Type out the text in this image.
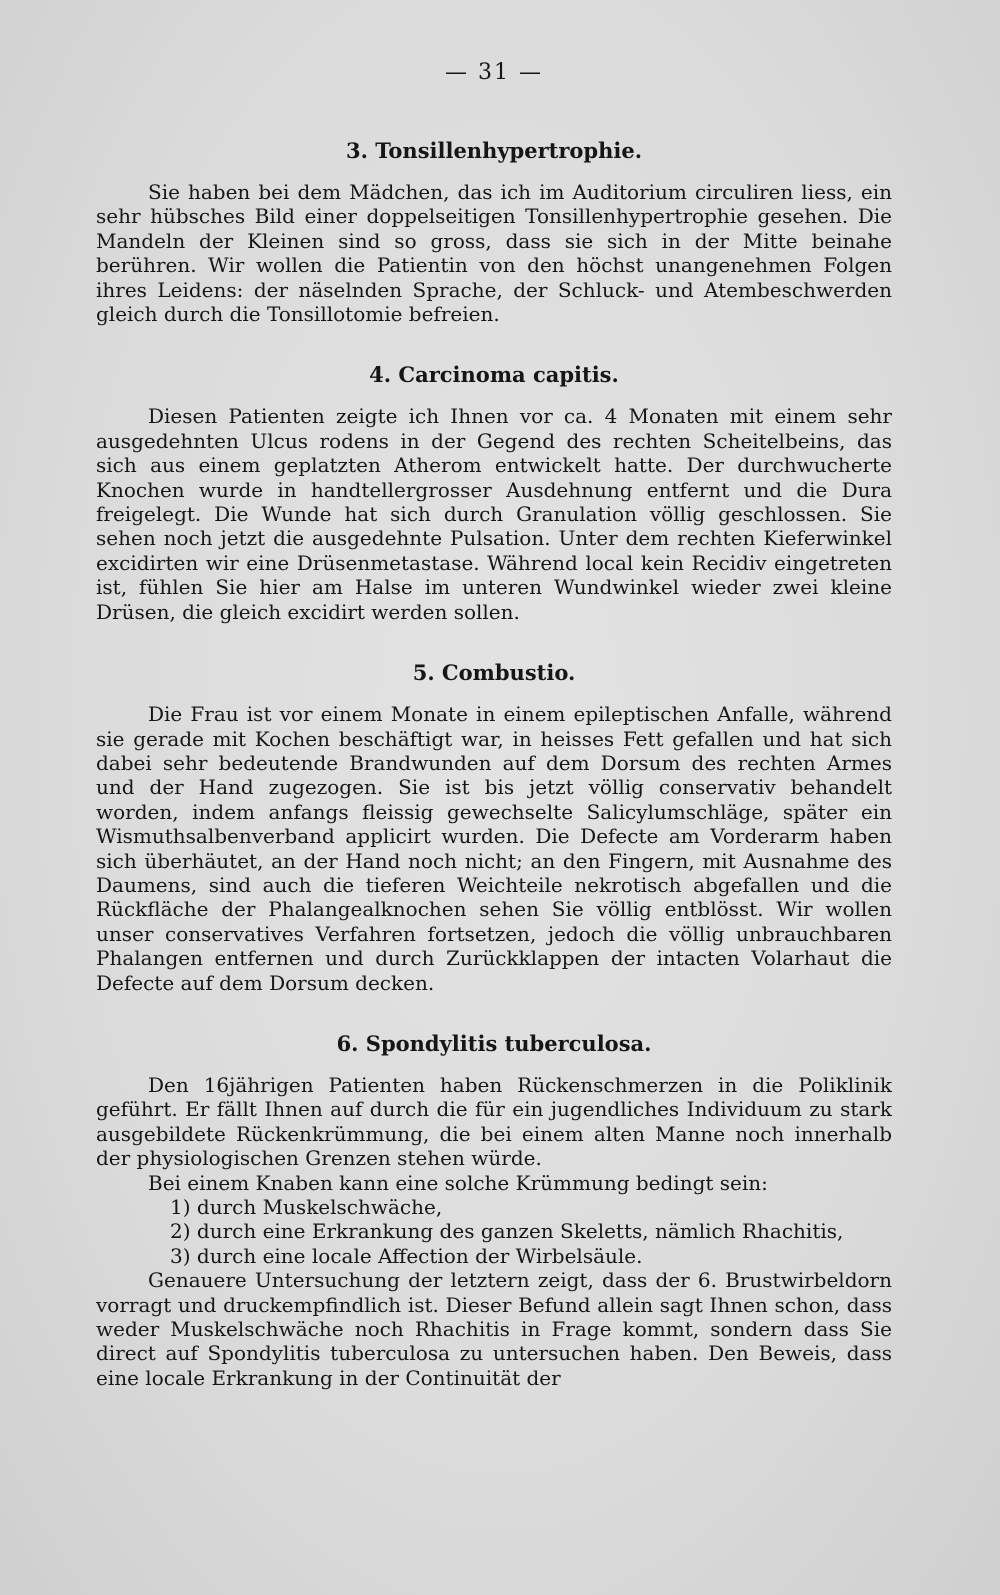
— 31 —
3. Tonsillenhypertrophie.

Sie haben bei dem Mädchen, das ich im Auditorium circuliren liess, ein sehr hübsches Bild einer doppelseitigen Tonsillenhypertrophie gesehen. Die Mandeln der Kleinen sind so gross, dass sie sich in der Mitte beinahe berühren. Wir wollen die Patientin von den höchst unangenehmen Folgen ihres Leidens: der näselnden Sprache, der Schluck- und Atembeschwerden gleich durch die Tonsillotomie befreien.

4. Carcinoma capitis.

Diesen Patienten zeigte ich Ihnen vor ca. 4 Monaten mit einem sehr ausgedehnten Ulcus rodens in der Gegend des rechten Scheitelbeins, das sich aus einem geplatzten Atherom entwickelt hatte. Der durchwucherte Knochen wurde in handtellergrosser Ausdehnung entfernt und die Dura freigelegt. Die Wunde hat sich durch Granulation völlig geschlossen. Sie sehen noch jetzt die ausgedehnte Pulsation. Unter dem rechten Kieferwinkel excidirten wir eine Drüsenmetastase. Während local kein Recidiv eingetreten ist, fühlen Sie hier am Halse im unteren Wundwinkel wieder zwei kleine Drüsen, die gleich excidirt werden sollen.

5. Combustio.

Die Frau ist vor einem Monate in einem epileptischen Anfalle, während sie gerade mit Kochen beschäftigt war, in heisses Fett gefallen und hat sich dabei sehr bedeutende Brandwunden auf dem Dorsum des rechten Armes und der Hand zugezogen. Sie ist bis jetzt völlig conservativ behandelt worden, indem anfangs fleissig gewechselte Salicylumschläge, später ein Wismuthsalbenverband applicirt wurden. Die Defecte am Vorderarm haben sich überhäutet, an der Hand noch nicht; an den Fingern, mit Ausnahme des Daumens, sind auch die tieferen Weichteile nekrotisch abgefallen und die Rückfläche der Phalangealknochen sehen Sie völlig entblösst. Wir wollen unser conservatives Verfahren fortsetzen, jedoch die völlig unbrauchbaren Phalangen entfernen und durch Zurückklappen der intacten Volarhaut die Defecte auf dem Dorsum decken.

6. Spondylitis tuberculosa.

Den 16jährigen Patienten haben Rückenschmerzen in die Poliklinik geführt. Er fällt Ihnen auf durch die für ein jugendliches Individuum zu stark ausgebildete Rückenkrümmung, die bei einem alten Manne noch innerhalb der physiologischen Grenzen stehen würde.

Bei einem Knaben kann eine solche Krümmung bedingt sein:

1) durch Muskelschwäche,
2) durch eine Erkrankung des ganzen Skeletts, nämlich Rhachitis,
3) durch eine locale Affection der Wirbelsäule.

Genauere Untersuchung der letztern zeigt, dass der 6. Brustwirbeldorn vorragt und druckempfindlich ist. Dieser Befund allein sagt Ihnen schon, dass weder Muskelschwäche noch Rhachitis in Frage kommt, sondern dass Sie direct auf Spondylitis tuberculosa zu untersuchen haben. Den Beweis, dass eine locale Erkrankung in der Continuität der
